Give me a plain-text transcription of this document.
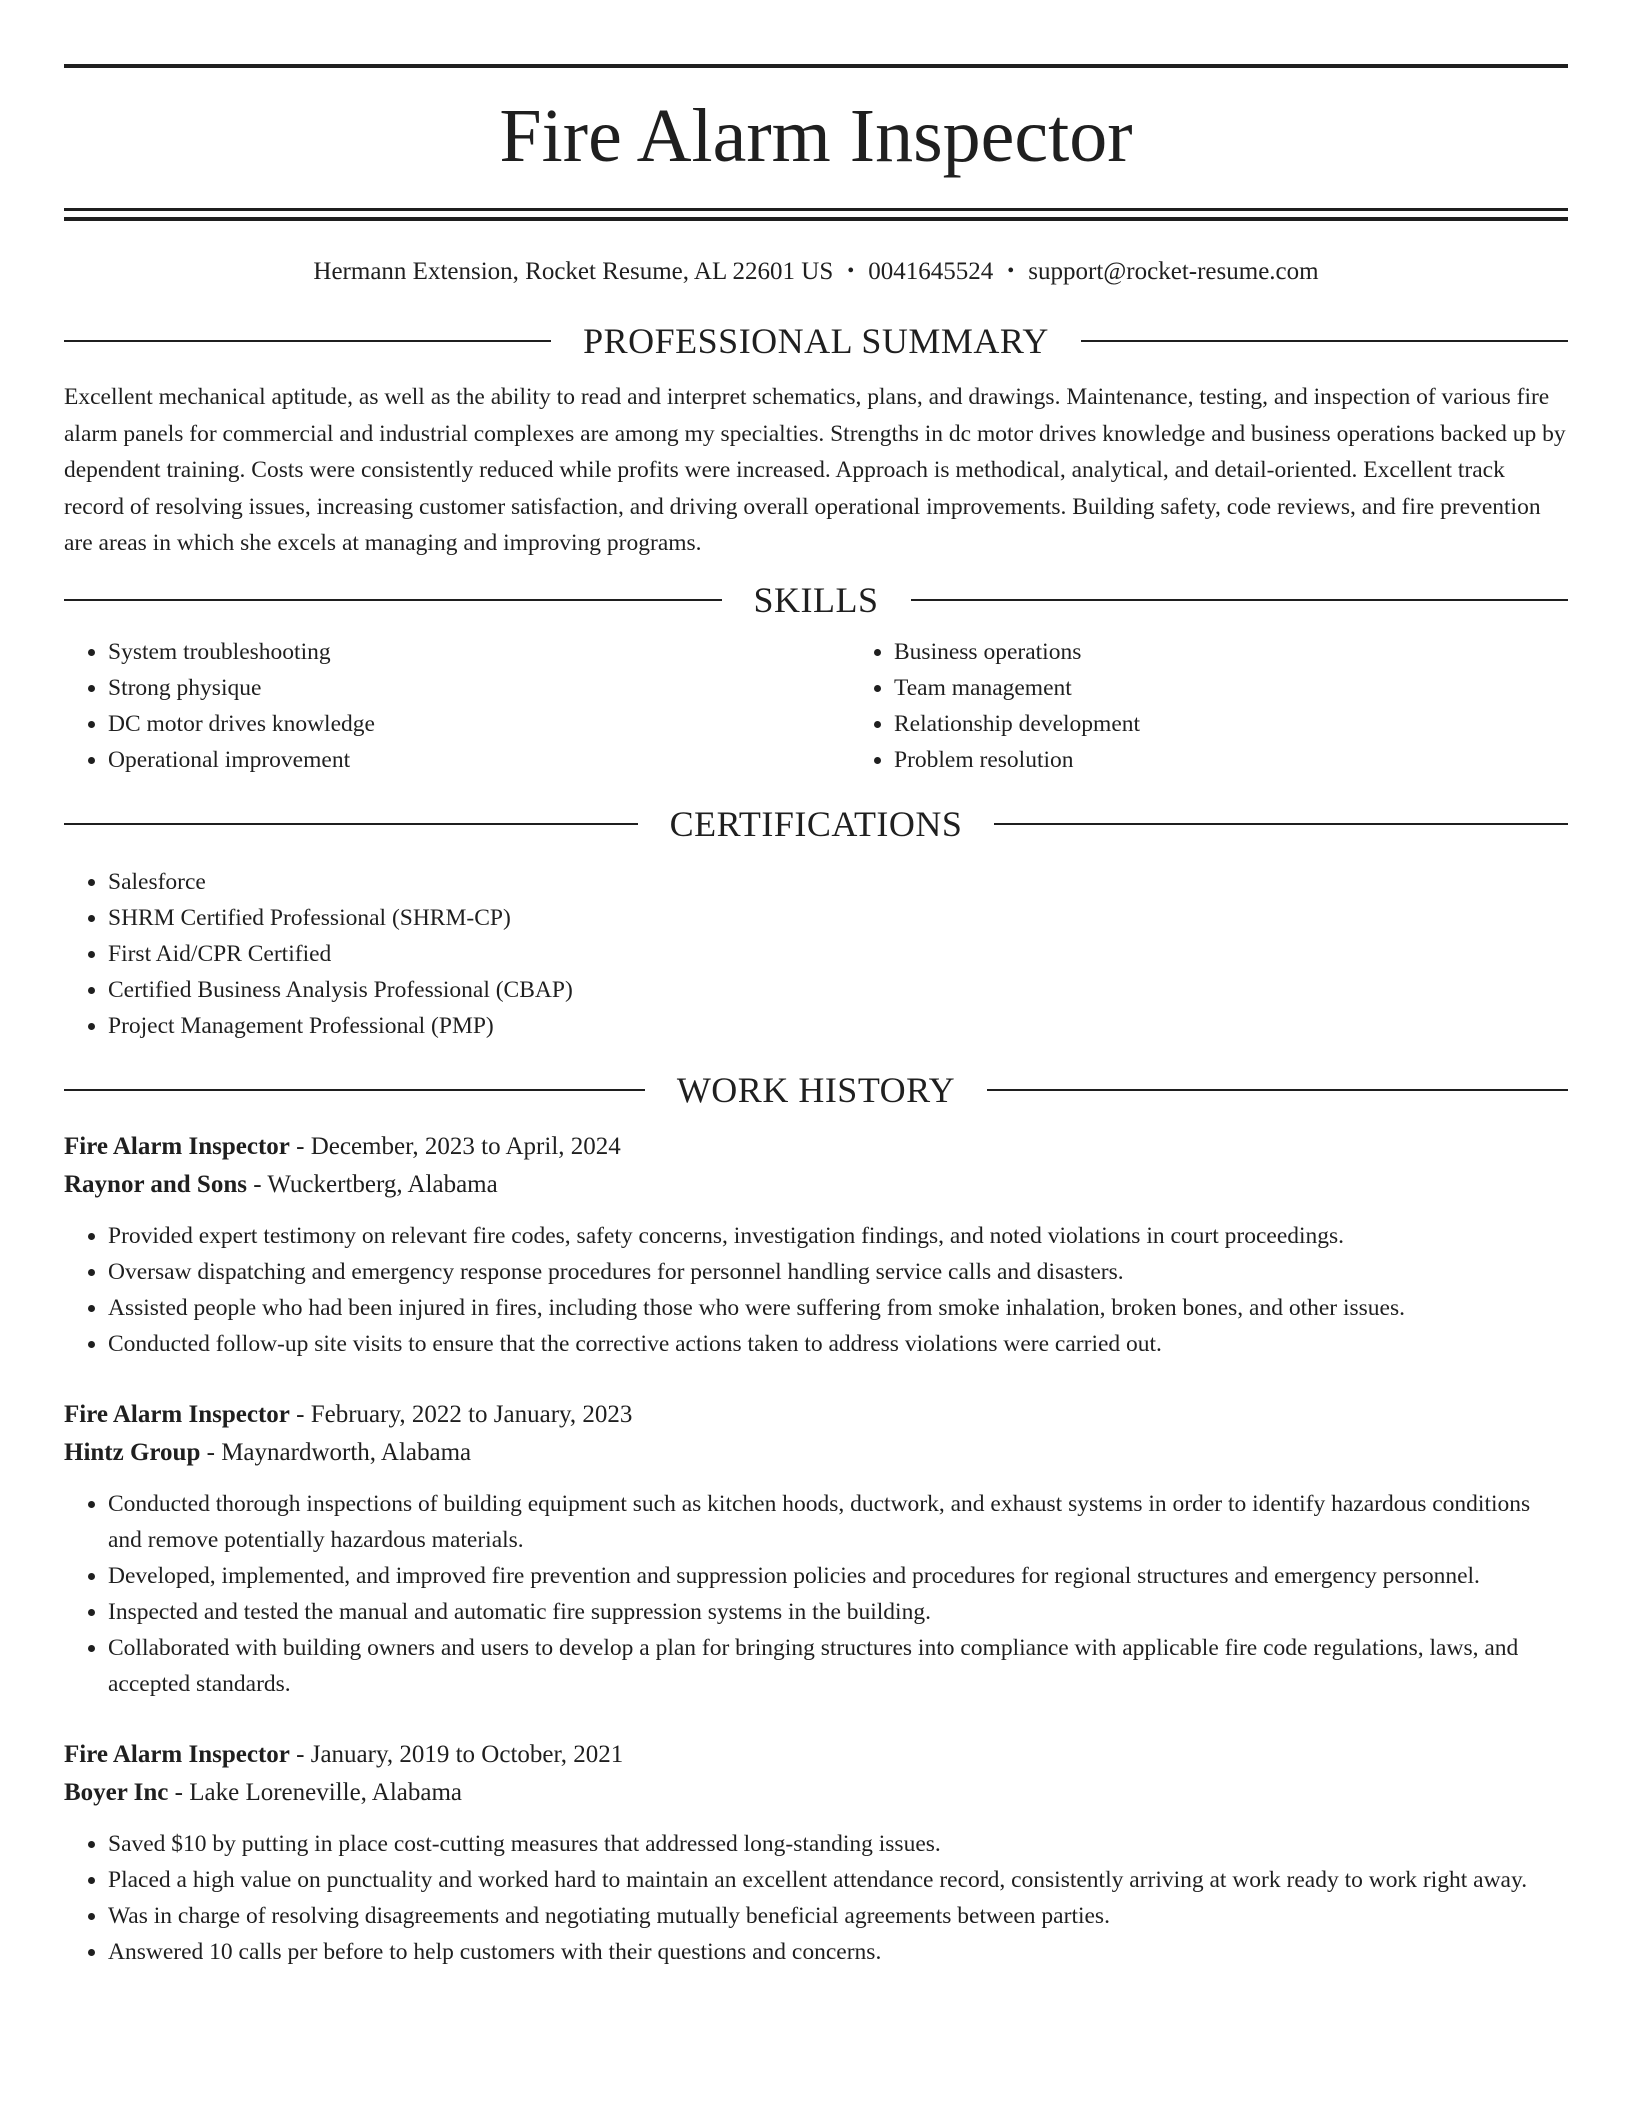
Fire Alarm Inspector
Hermann Extension, Rocket Resume, AL 22601 US • 0041645524 • support@rocket-resume.com
PROFESSIONAL SUMMARY

Excellent mechanical aptitude, as well as the ability to read and interpret schematics, plans, and drawings. Maintenance, testing, and inspection of various fire alarm panels for commercial and industrial complexes are among my specialties. Strengths in dc motor drives knowledge and business operations backed up by dependent training. Costs were consistently reduced while profits were increased. Approach is methodical, analytical, and detail-oriented. Excellent track record of resolving issues, increasing customer satisfaction, and driving overall operational improvements. Building safety, code reviews, and fire prevention are areas in which she excels at managing and improving programs.

SKILLS
• System troubleshooting
• Strong physique
• DC motor drives knowledge
• Operational improvement
• Business operations
• Team management
• Relationship development
• Problem resolution
CERTIFICATIONS
• Salesforce
• SHRM Certified Professional (SHRM-CP)
• First Aid/CPR Certified
• Certified Business Analysis Professional (CBAP)
• Project Management Professional (PMP)
WORK HISTORY
Fire Alarm Inspector - December, 2023 to April, 2024
Raynor and Sons - Wuckertberg, Alabama
• Provided expert testimony on relevant fire codes, safety concerns, investigation findings, and noted violations in court proceedings.
• Oversaw dispatching and emergency response procedures for personnel handling service calls and disasters.
• Assisted people who had been injured in fires, including those who were suffering from smoke inhalation, broken bones, and other issues.
• Conducted follow-up site visits to ensure that the corrective actions taken to address violations were carried out.
Fire Alarm Inspector - February, 2022 to January, 2023
Hintz Group - Maynardworth, Alabama
• Conducted thorough inspections of building equipment such as kitchen hoods, ductwork, and exhaust systems in order to identify hazardous conditions and remove potentially hazardous materials.
• Developed, implemented, and improved fire prevention and suppression policies and procedures for regional structures and emergency personnel.
• Inspected and tested the manual and automatic fire suppression systems in the building.
• Collaborated with building owners and users to develop a plan for bringing structures into compliance with applicable fire code regulations, laws, and accepted standards.
Fire Alarm Inspector - January, 2019 to October, 2021
Boyer Inc - Lake Loreneville, Alabama
• Saved $10 by putting in place cost-cutting measures that addressed long-standing issues.
• Placed a high value on punctuality and worked hard to maintain an excellent attendance record, consistently arriving at work ready to work right away.
• Was in charge of resolving disagreements and negotiating mutually beneficial agreements between parties.
• Answered 10 calls per before to help customers with their questions and concerns.
